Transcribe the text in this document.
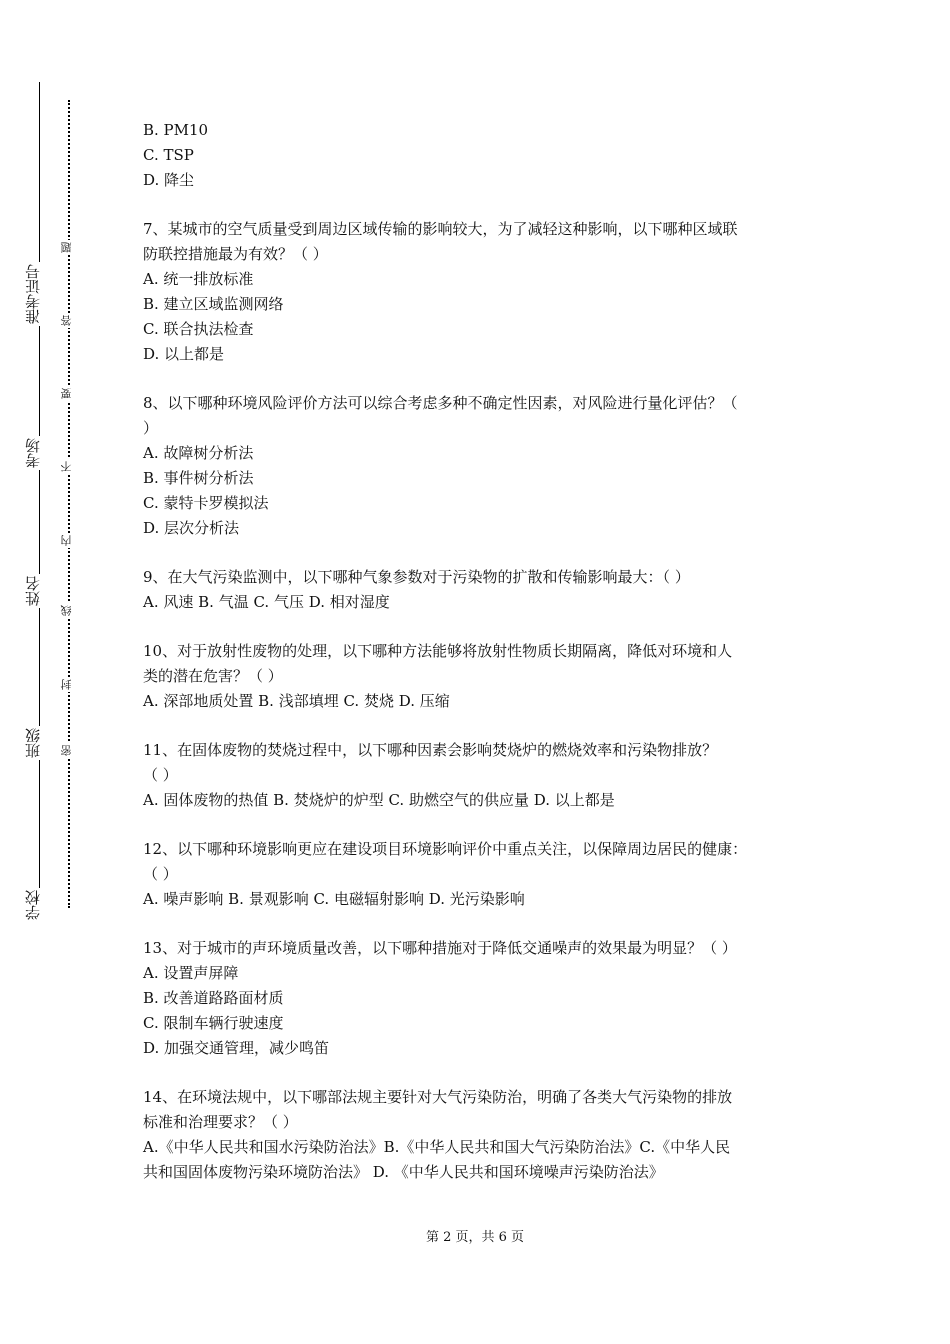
准考证号
考场
姓名
班级
学校
题
答
要
不
内
线
封
密

B. PM10

C. TSP

D. 降尘

7、某城市的空气质量受到周边区域传输的影响较大，为了减轻这种影响，以下哪种区域联

防联控措施最为有效？（ ）

A. 统一排放标准

B. 建立区域监测网络

C. 联合执法检查

D. 以上都是

8、以下哪种环境风险评价方法可以综合考虑多种不确定性因素，对风险进行量化评估？（

）

A. 故障树分析法

B. 事件树分析法

C. 蒙特卡罗模拟法

D. 层次分析法

9、在大气污染监测中，以下哪种气象参数对于污染物的扩散和传输影响最大：（ ）

A. 风速 B. 气温 C. 气压 D. 相对湿度

10、对于放射性废物的处理，以下哪种方法能够将放射性物质长期隔离，降低对环境和人

类的潜在危害？（ ）

A. 深部地质处置 B. 浅部填埋 C. 焚烧 D. 压缩

11、在固体废物的焚烧过程中，以下哪种因素会影响焚烧炉的燃烧效率和污染物排放？

（ ）

A. 固体废物的热值 B. 焚烧炉的炉型 C. 助燃空气的供应量 D. 以上都是

12、以下哪种环境影响更应在建设项目环境影响评价中重点关注，以保障周边居民的健康：

（ ）

A. 噪声影响 B. 景观影响 C. 电磁辐射影响 D. 光污染影响

13、对于城市的声环境质量改善，以下哪种措施对于降低交通噪声的效果最为明显？（ ）

A. 设置声屏障

B. 改善道路路面材质

C. 限制车辆行驶速度

D. 加强交通管理，减少鸣笛

14、在环境法规中，以下哪部法规主要针对大气污染防治，明确了各类大气污染物的排放

标准和治理要求？（ ）

A.《中华人民共和国水污染防治法》B.《中华人民共和国大气污染防治法》C.《中华人民

共和国固体废物污染环境防治法》 D. 《中华人民共和国环境噪声污染防治法》

第 2 页，共 6 页
